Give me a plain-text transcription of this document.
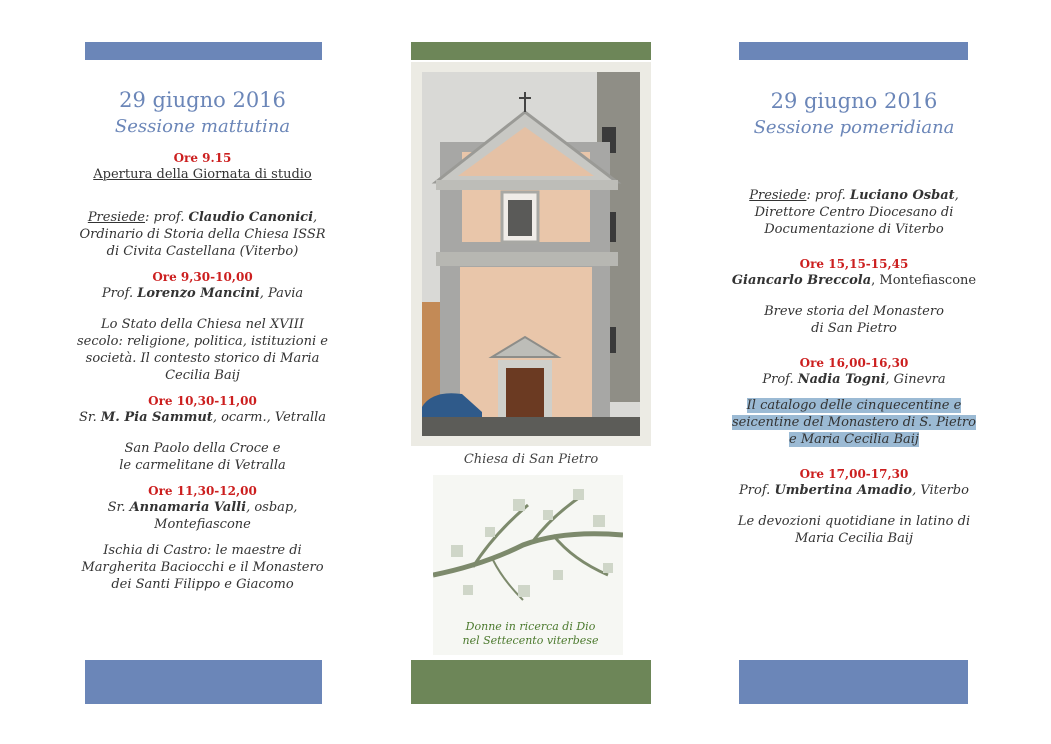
29 giugno 2016

Sessione mattutina

Ore 9.15
Apertura della Giornata di studio
Presiede: prof. Claudio Canonici,
Ordinario di Storia della Chiesa ISSR
di Civita Castellana (Viterbo)
Ore 9,30-10,00
Prof. Lorenzo Mancini, Pavia
Lo Stato della Chiesa nel XVIII
secolo: religione, politica, istituzioni e
società. Il contesto storico di Maria
Cecilia Baij
Ore 10,30-11,00
Sr. M. Pia Sammut, ocarm., Vetralla
San Paolo della Croce e
le carmelitane di Vetralla
Ore 11,30-12,00
Sr. Annamaria Valli, osbap,
Montefiascone
Ischia di Castro: le maestre di
Margherita Baciocchi e il Monastero
dei Santi Filippo e Giacomo
Chiesa di San Pietro
Donne in ricerca di Dio
nel Settecento viterbese

29 giugno 2016

Sessione pomeridiana

Presiede: prof. Luciano Osbat,
Direttore Centro Diocesano di
Documentazione di Viterbo
Ore 15,15-15,45
Giancarlo Breccola, Montefiascone
Breve storia del Monastero
di San Pietro
Ore 16,00-16,30
Prof. Nadia Togni, Ginevra
Il catalogo delle cinquecentine e
seicentine del Monastero di S. Pietro
e Maria Cecilia Baij
Ore 17,00-17,30
Prof. Umbertina Amadio, Viterbo
Le devozioni quotidiane in latino di
Maria Cecilia Baij
